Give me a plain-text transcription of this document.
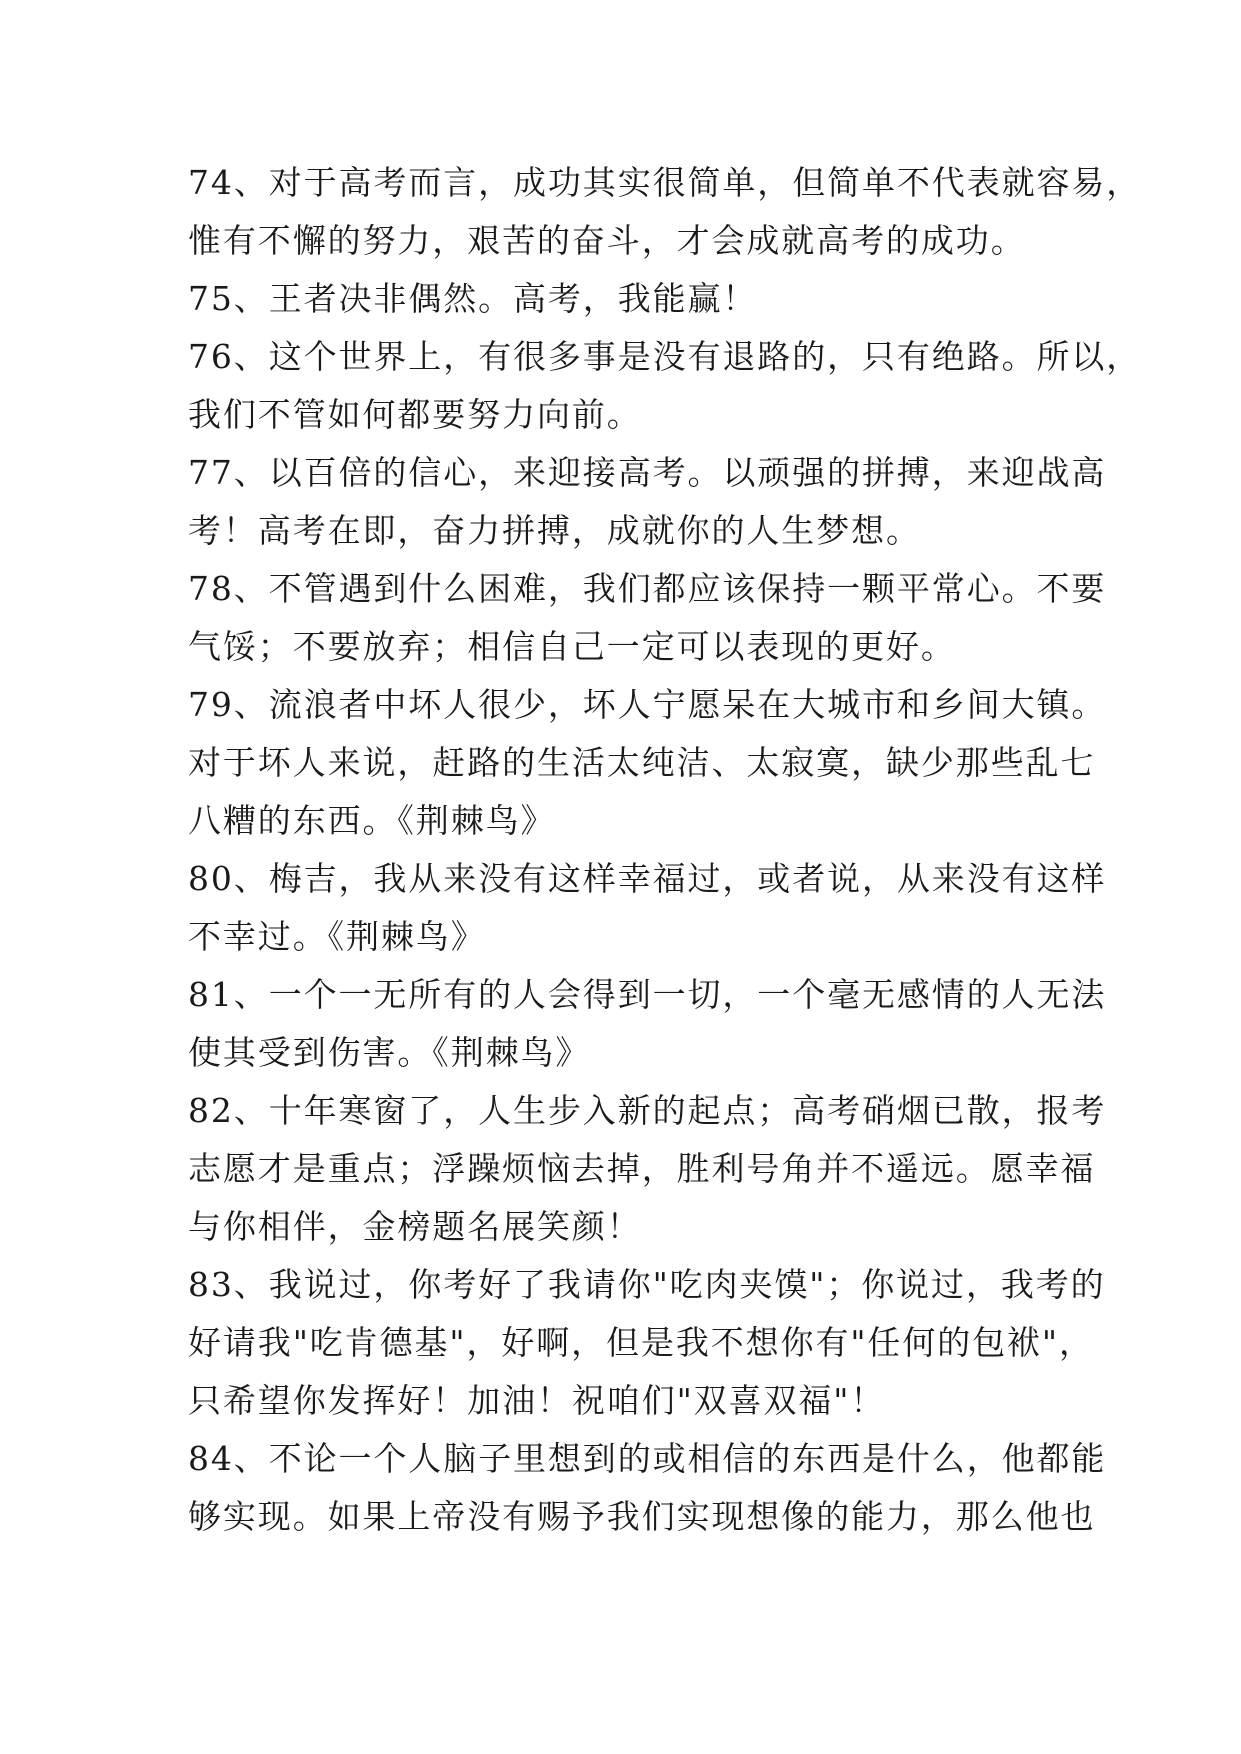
74、对于高考而言，成功其实很简单，但简单不代表就容易，
惟有不懈的努力，艰苦的奋斗，才会成就高考的成功。
75、王者决非偶然。高考，我能赢！
76、这个世界上，有很多事是没有退路的，只有绝路。所以，
我们不管如何都要努力向前。
77、以百倍的信心，来迎接高考。以顽强的拼搏，来迎战高
考！高考在即，奋力拼搏，成就你的人生梦想。
78、不管遇到什么困难，我们都应该保持一颗平常心。不要
气馁；不要放弃；相信自己一定可以表现的更好。
79、流浪者中坏人很少，坏人宁愿呆在大城市和乡间大镇。
对于坏人来说，赶路的生活太纯洁、太寂寞，缺少那些乱七
八糟的东西。《荆棘鸟》
80、梅吉，我从来没有这样幸福过，或者说，从来没有这样
不幸过。《荆棘鸟》
81、一个一无所有的人会得到一切，一个毫无感情的人无法
使其受到伤害。《荆棘鸟》
82、十年寒窗了，人生步入新的起点；高考硝烟已散，报考
志愿才是重点；浮躁烦恼去掉，胜利号角并不遥远。愿幸福
与你相伴，金榜题名展笑颜！
83、我说过，你考好了我请你"吃肉夹馍"；你说过，我考的
好请我"吃肯德基"，好啊，但是我不想你有"任何的包袱"，
只希望你发挥好！加油！祝咱们"双喜双福"！
84、不论一个人脑子里想到的或相信的东西是什么，他都能
够实现。如果上帝没有赐予我们实现想像的能力，那么他也
